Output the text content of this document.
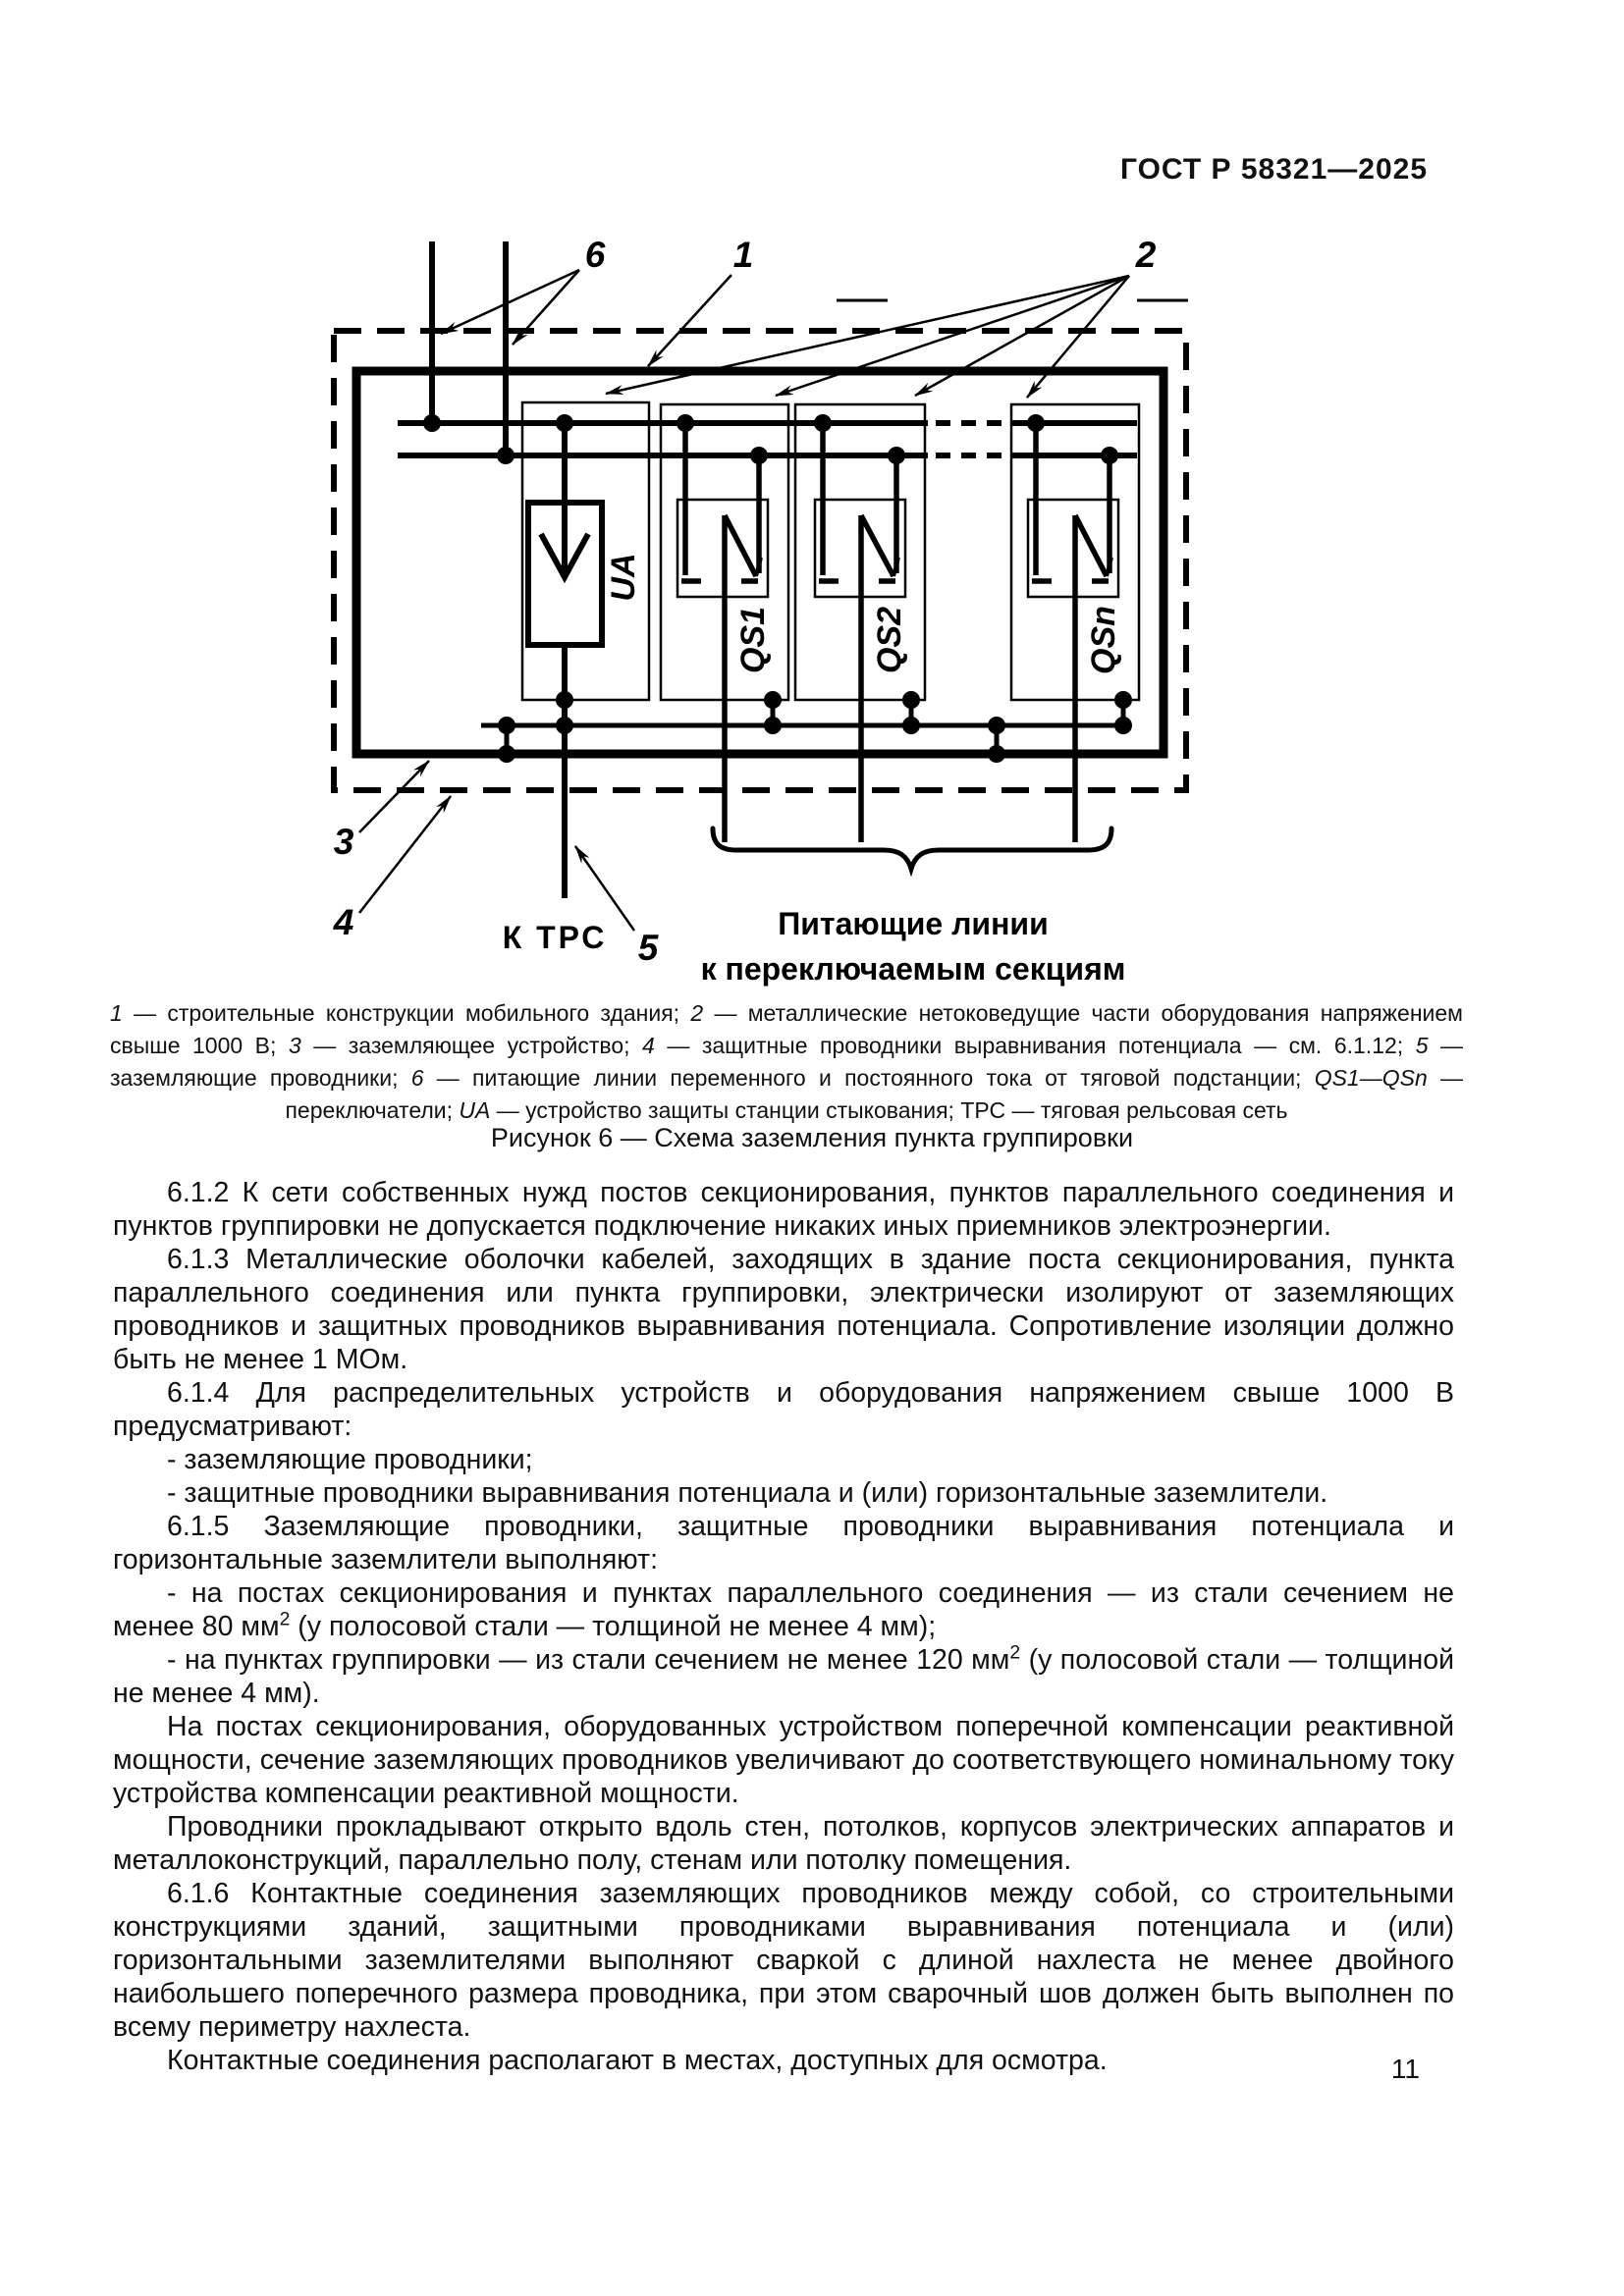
ГОСТ Р 58321—2025
UA
QS1	QS2	QSn
6	1	2
3
4
5
Питающие линии
к переключаемым секциям
К ТРС
1 — строительные конструкции мобильного здания; 2 — металлические нетоковедущие части оборудования напряжением свыше 1000 В; 3 — заземляющее устройство; 4 — защитные проводники выравнивания потенциала — см. 6.1.12; 5 — заземляющие проводники; 6 — питающие линии переменного и постоянного тока от тяговой подстанции; QS1—QSn — переключатели; UA — устройство защиты станции стыкования; ТРС — тяговая рельсовая сеть
Рисунок 6 — Схема заземления пункта группировки

6.1.2 К сети собственных нужд постов секционирования, пунктов параллельного соединения и пунктов группировки не допускается подключение никаких иных приемников электроэнергии.

6.1.3 Металлические оболочки кабелей, заходящих в здание поста секционирования, пункта параллельного соединения или пункта группировки, электрически изолируют от заземляющих проводников и защитных проводников выравнивания потенциала. Сопротивление изоляции должно быть не менее 1 МОм.

6.1.4 Для распределительных устройств и оборудования напряжением свыше 1000 В предусматривают:

- заземляющие проводники;

- защитные проводники выравнивания потенциала и (или) горизонтальные заземлители.

6.1.5 Заземляющие проводники, защитные проводники выравнивания потенциала и горизонтальные заземлители выполняют:

- на постах секционирования и пунктах параллельного соединения — из стали сечением не менее 80 $мм^2$ (у полосовой стали — толщиной не менее 4 мм);

- на пунктах группировки — из стали сечением не менее 120 $мм^2$ (у полосовой стали — толщиной не менее 4 мм).

На постах секционирования, оборудованных устройством поперечной компенсации реактивной мощности, сечение заземляющих проводников увеличивают до соответствующего номинальному току устройства компенсации реактивной мощности.

Проводники прокладывают открыто вдоль стен, потолков, корпусов электрических аппаратов и металлоконструкций, параллельно полу, стенам или потолку помещения.

6.1.6 Контактные соединения заземляющих проводников между собой, со строительными конструкциями зданий, защитными проводниками выравнивания потенциала и (или) горизонтальными заземлителями выполняют сваркой с длиной нахлеста не менее двойного наибольшего поперечного размера проводника, при этом сварочный шов должен быть выполнен по всему периметру нахлеста.

Контактные соединения располагают в местах, доступных для осмотра.	11
